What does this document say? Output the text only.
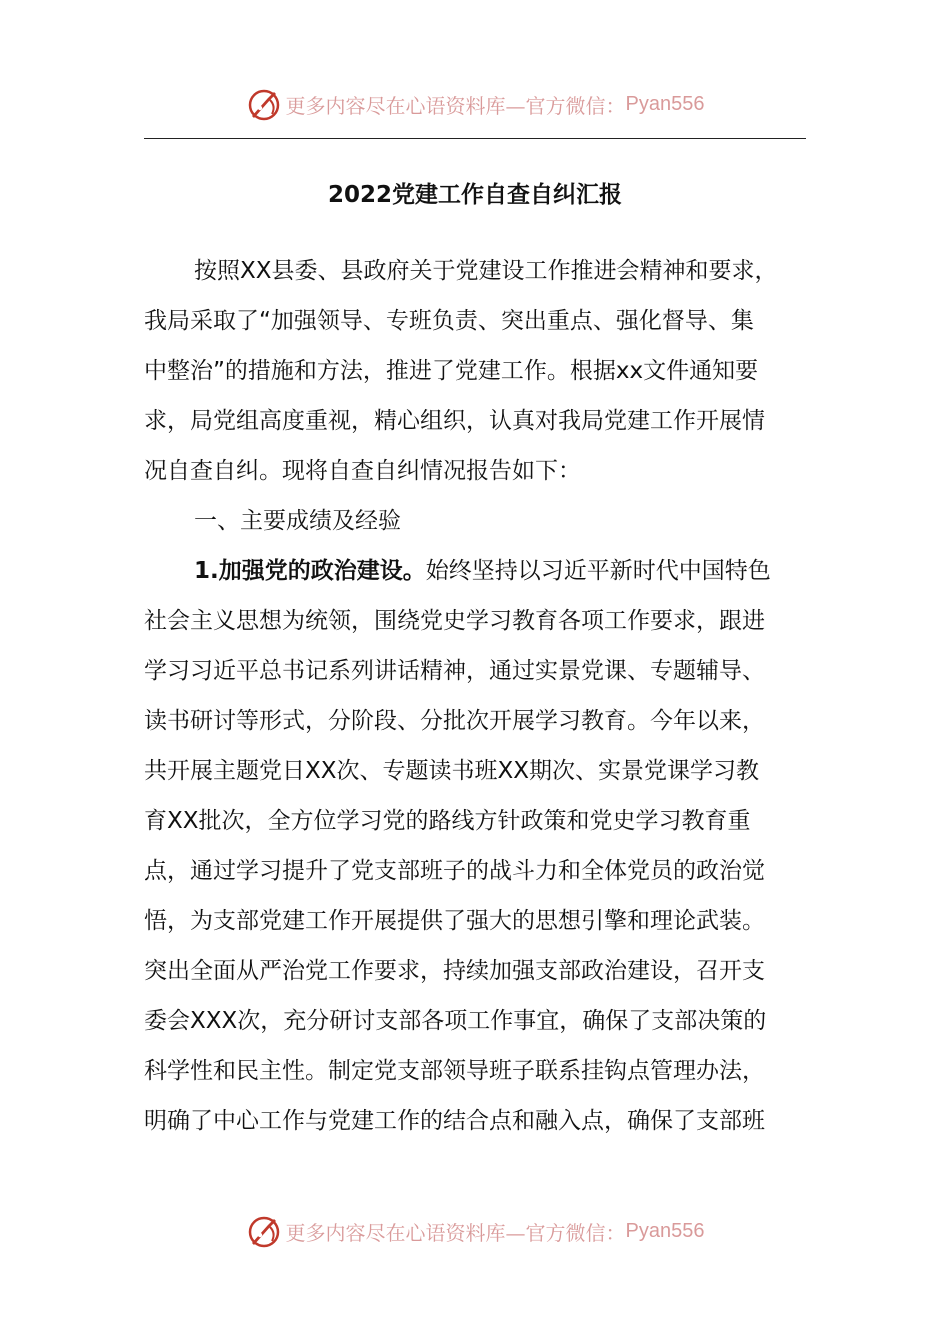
更多内容尽在心语资料库—官方微信： Pyan556
2022党建工作自查自纠汇报
按照XX县委、县政府关于党建设工作推进会精神和要求，
我局采取了“加强领导、专班负责、突出重点、强化督导、集
中整治”的措施和方法，推进了党建工作。根据xx文件通知要
求，局党组高度重视，精心组织，认真对我局党建工作开展情
况自查自纠。现将自查自纠情况报告如下：
一、主要成绩及经验
1.加强党的政治建设。始终坚持以习近平新时代中国特色
社会主义思想为统领，围绕党史学习教育各项工作要求，跟进
学习习近平总书记系列讲话精神，通过实景党课、专题辅导、
读书研讨等形式，分阶段、分批次开展学习教育。今年以来，
共开展主题党日XX次、专题读书班XX期次、实景党课学习教
育XX批次，全方位学习党的路线方针政策和党史学习教育重
点，通过学习提升了党支部班子的战斗力和全体党员的政治觉
悟，为支部党建工作开展提供了强大的思想引擎和理论武装。
突出全面从严治党工作要求，持续加强支部政治建设，召开支
委会XXX次，充分研讨支部各项工作事宜，确保了支部决策的
科学性和民主性。制定党支部领导班子联系挂钩点管理办法，
明确了中心工作与党建工作的结合点和融入点，确保了支部班
更多内容尽在心语资料库—官方微信： Pyan556
